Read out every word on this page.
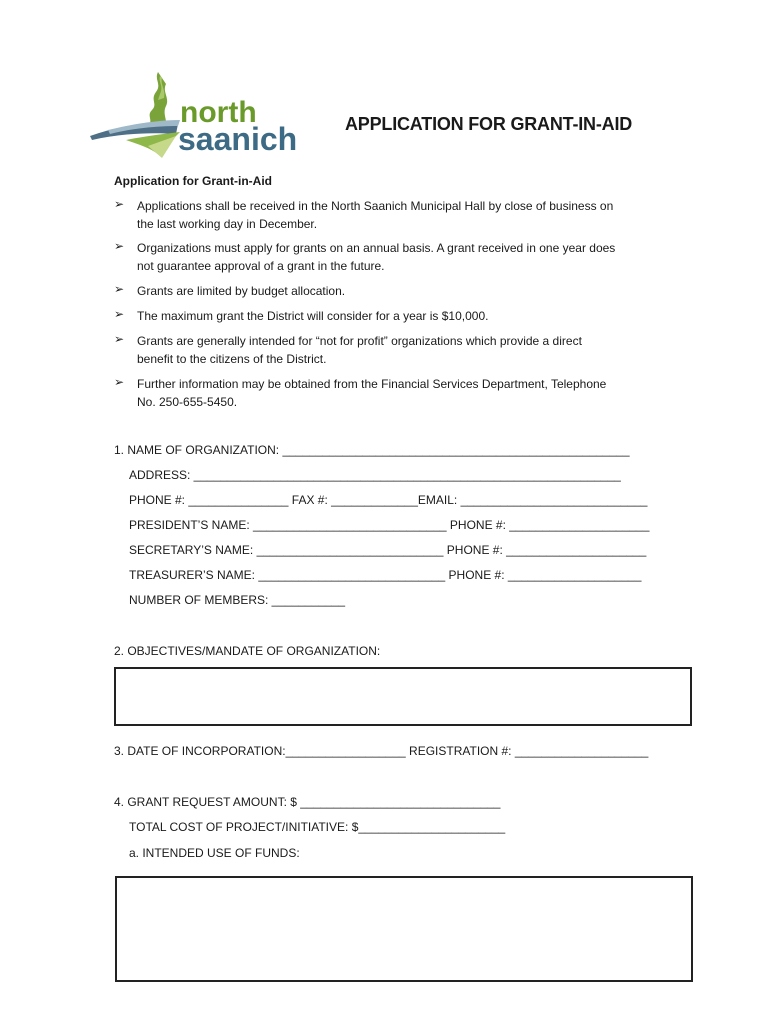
north
saanich	APPLICATION FOR GRANT-IN-AID
Application for Grant-in-Aid
➢ Applications shall be received in the North Saanich Municipal Hall by close of business on
the last working day in December.
➢ Organizations must apply for grants on an annual basis. A grant received in one year does
not guarantee approval of a grant in the future.
➢ Grants are limited by budget allocation.
➢ The maximum grant the District will consider for a year is $10,000.
➢ Grants are generally intended for “not for profit” organizations which provide a direct
benefit to the citizens of the District.
➢ Further information may be obtained from the Financial Services Department, Telephone
No. 250-655-5450.
1. NAME OF ORGANIZATION: ____________________________________________________
ADDRESS: ________________________________________________________________
PHONE #: _______________ FAX #: _____________EMAIL: ____________________________
PRESIDENT’S NAME: _____________________________ PHONE #: _____________________
SECRETARY’S NAME: ____________________________ PHONE #: _____________________
TREASURER’S NAME: ____________________________ PHONE #: ____________________
NUMBER OF MEMBERS: ___________
2. OBJECTIVES/MANDATE OF ORGANIZATION:
3. DATE OF INCORPORATION:__________________ REGISTRATION #: ____________________
4. GRANT REQUEST AMOUNT: $ ______________________________
TOTAL COST OF PROJECT/INITIATIVE: $______________________
a. INTENDED USE OF FUNDS:
